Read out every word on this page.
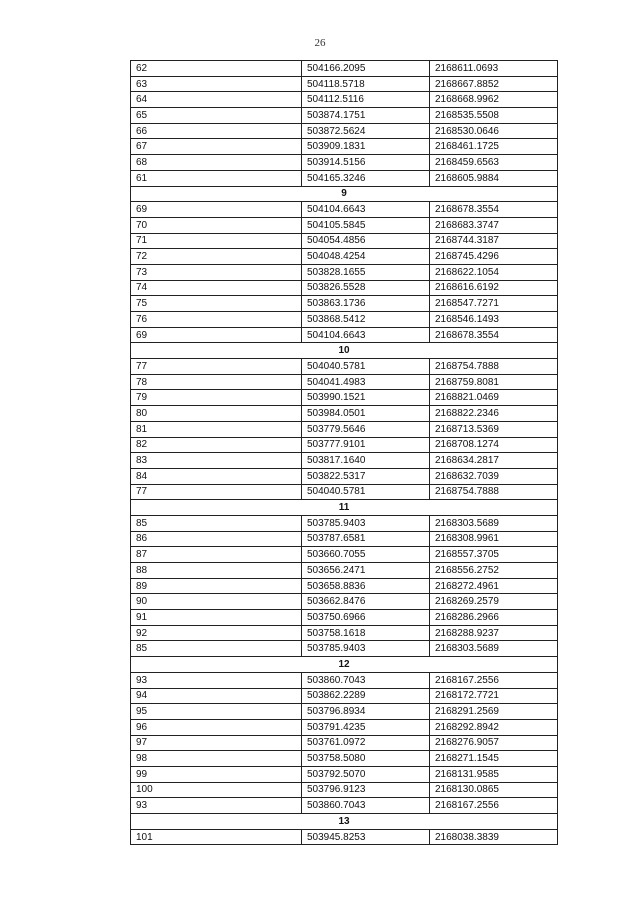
26
62	504166.2095	2168611.0693
63	504118.5718	2168667.8852
64	504112.5116	2168668.9962
65	503874.1751	2168535.5508
66	503872.5624	2168530.0646
67	503909.1831	2168461.1725
68	503914.5156	2168459.6563
61	504165.3246	2168605.9884
9		
69	504104.6643	2168678.3554
70	504105.5845	2168683.3747
71	504054.4856	2168744.3187
72	504048.4254	2168745.4296
73	503828.1655	2168622.1054
74	503826.5528	2168616.6192
75	503863.1736	2168547.7271
76	503868.5412	2168546.1493
69	504104.6643	2168678.3554
10		
77	504040.5781	2168754.7888
78	504041.4983	2168759.8081
79	503990.1521	2168821.0469
80	503984.0501	2168822.2346
81	503779.5646	2168713.5369
82	503777.9101	2168708.1274
83	503817.1640	2168634.2817
84	503822.5317	2168632.7039
77	504040.5781	2168754.7888
11		
85	503785.9403	2168303.5689
86	503787.6581	2168308.9961
87	503660.7055	2168557.3705
88	503656.2471	2168556.2752
89	503658.8836	2168272.4961
90	503662.8476	2168269.2579
91	503750.6966	2168286.2966
92	503758.1618	2168288.9237
85	503785.9403	2168303.5689
12		
93	503860.7043	2168167.2556
94	503862.2289	2168172.7721
95	503796.8934	2168291.2569
96	503791.4235	2168292.8942
97	503761.0972	2168276.9057
98	503758.5080	2168271.1545
99	503792.5070	2168131.9585
100	503796.9123	2168130.0865
93	503860.7043	2168167.2556
13		
101	503945.8253	2168038.3839
